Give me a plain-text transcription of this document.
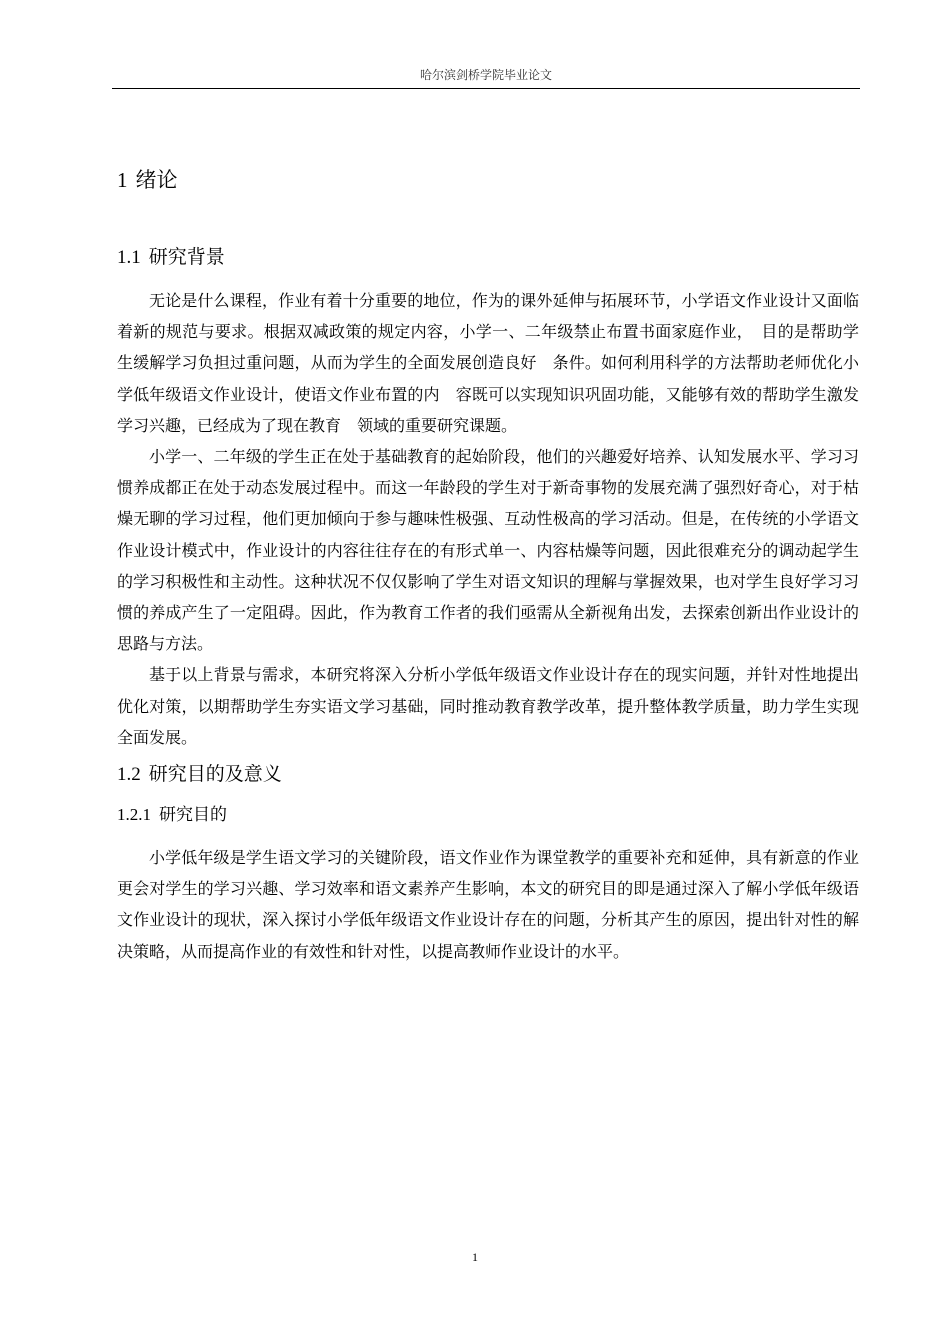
哈尔滨剑桥学院毕业论文
1 绪论
1.1 研究背景

无论是什么课程，作业有着十分重要的地位，作为的课外延伸与拓展环节，小学语文作业设计又面临着新的规范与要求。根据双减政策的规定内容，小学一、二年级禁止布置书面家庭作业，　目的是帮助学生缓解学习负担过重问题，从而为学生的全面发展创造良好　条件。如何利用科学的方法帮助老师优化小学低年级语文作业设计，使语文作业布置的内　容既可以实现知识巩固功能，又能够有效的帮助学生激发学习兴趣，已经成为了现在教育　领域的重要研究课题。

小学一、二年级的学生正在处于基础教育的起始阶段，他们的兴趣爱好培养、认知发展水平、学习习惯养成都正在处于动态发展过程中。而这一年龄段的学生对于新奇事物的发展充满了强烈好奇心，对于枯燥无聊的学习过程，他们更加倾向于参与趣味性极强、互动性极高的学习活动。但是，在传统的小学语文作业设计模式中，作业设计的内容往往存在的有形式单一、内容枯燥等问题，因此很难充分的调动起学生的学习积极性和主动性。这种状况不仅仅影响了学生对语文知识的理解与掌握效果，也对学生良好学习习惯的养成产生了一定阻碍。因此，作为教育工作者的我们亟需从全新视角出发，去探索创新出作业设计的思路与方法。

基于以上背景与需求，本研究将深入分析小学低年级语文作业设计存在的现实问题，并针对性地提出优化对策，以期帮助学生夯实语文学习基础，同时推动教育教学改革，提升整体教学质量，助力学生实现全面发展。

1.2 研究目的及意义
1.2.1 研究目的

小学低年级是学生语文学习的关键阶段，语文作业作为课堂教学的重要补充和延伸，具有新意的作业更会对学生的学习兴趣、学习效率和语文素养产生影响，本文的研究目的即是通过深入了解小学低年级语文作业设计的现状，深入探讨小学低年级语文作业设计存在的问题，分析其产生的原因，提出针对性的解决策略，从而提高作业的有效性和针对性，以提高教师作业设计的水平。

1
